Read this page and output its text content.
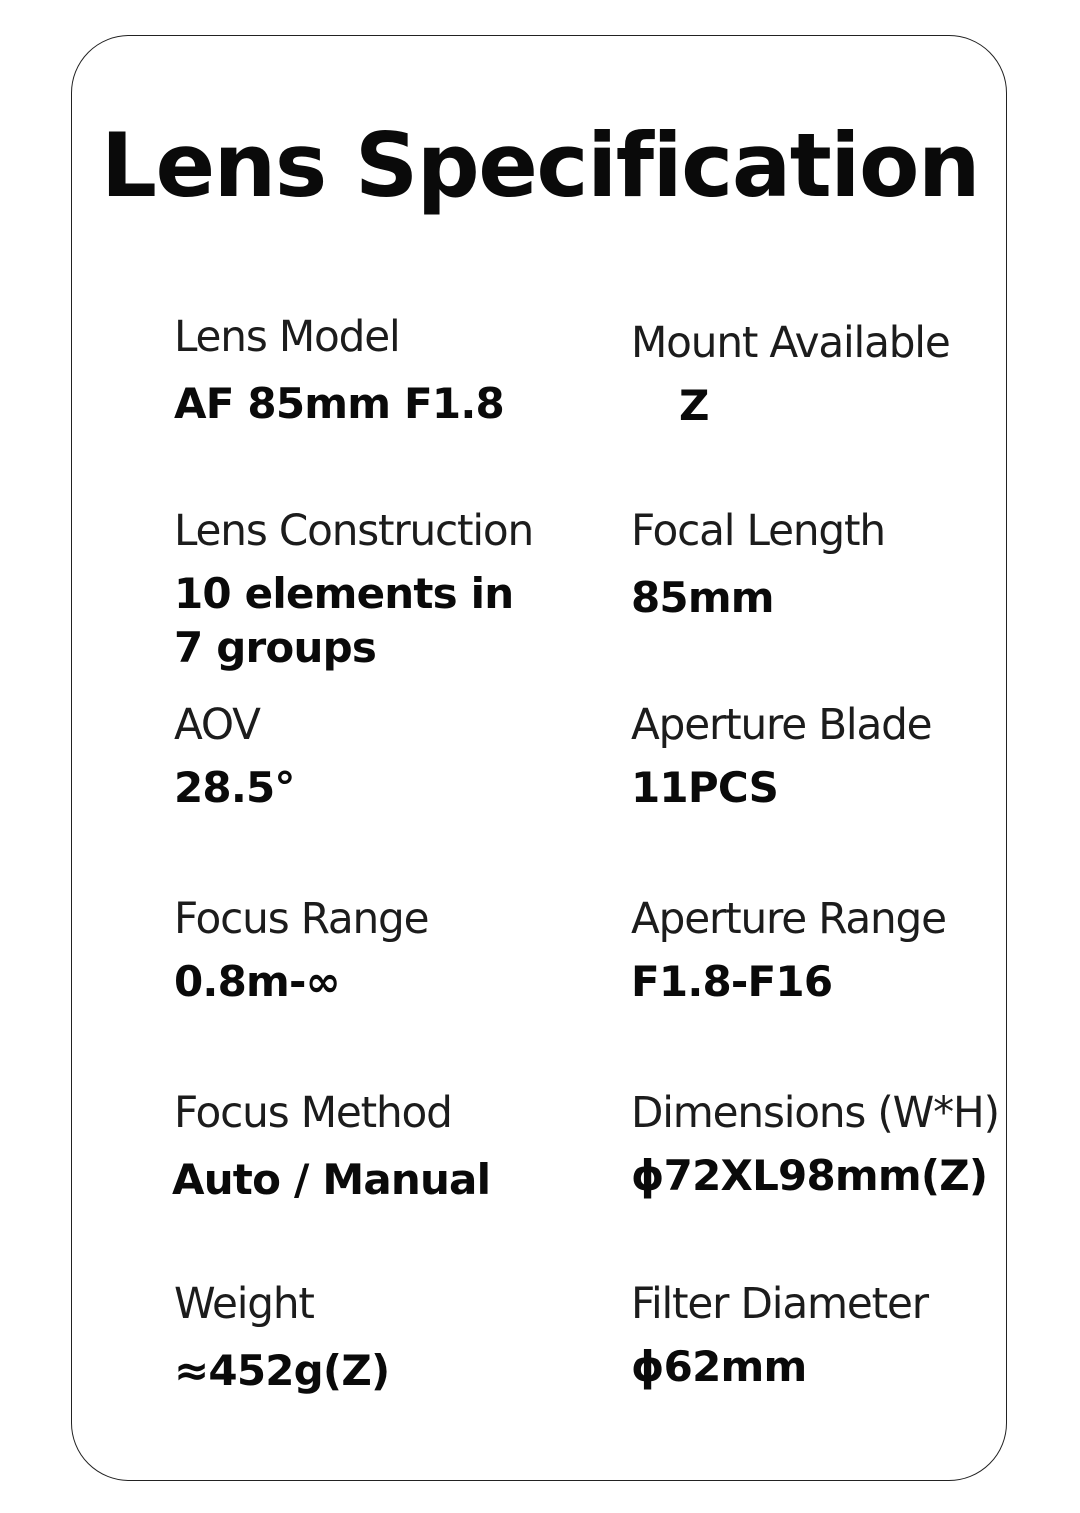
Lens Specification
Lens Model
AF 85mm F1.8
Mount Available
Z
Lens Construction
10 elements in
7 groups
Focal Length
85mm
AOV
28.5°
Aperture Blade
11PCS
Focus Range
0.8m-∞
Aperture Range
F1.8-F16
Focus Method
Auto / Manual
Dimensions (W*H)
ϕ72XL98mm(Z)
Weight
≈452g(Z)
Filter Diameter
ϕ62mm
